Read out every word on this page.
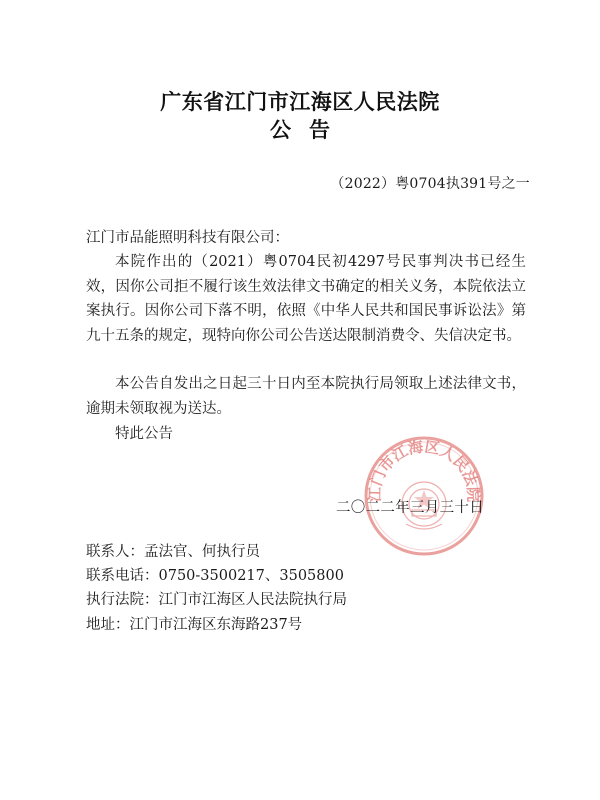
广东省江门市江海区人民法院
公告
（2022）粤0704执391号之一

江门市品能照明科技有限公司：

本院作出的（2021）粤0704民初4297号民事判决书已经生效，因你公司拒不履行该生效法律文书确定的相关义务，本院依法立案执行。因你公司下落不明，依照《中华人民共和国民事诉讼法》第九十五条的规定，现特向你公司公告送达限制消费令、失信决定书。

本公告自发出之日起三十日内至本院执行局领取上述法律文书，逾期未领取视为送达。

特此公告

江门市江海区人民法院
二〇二二年三月三十日
联系人：孟法官、何执行员
联系电话：0750-3500217、3505800
执行法院：江门市江海区人民法院执行局
地址：江门市江海区东海路237号
